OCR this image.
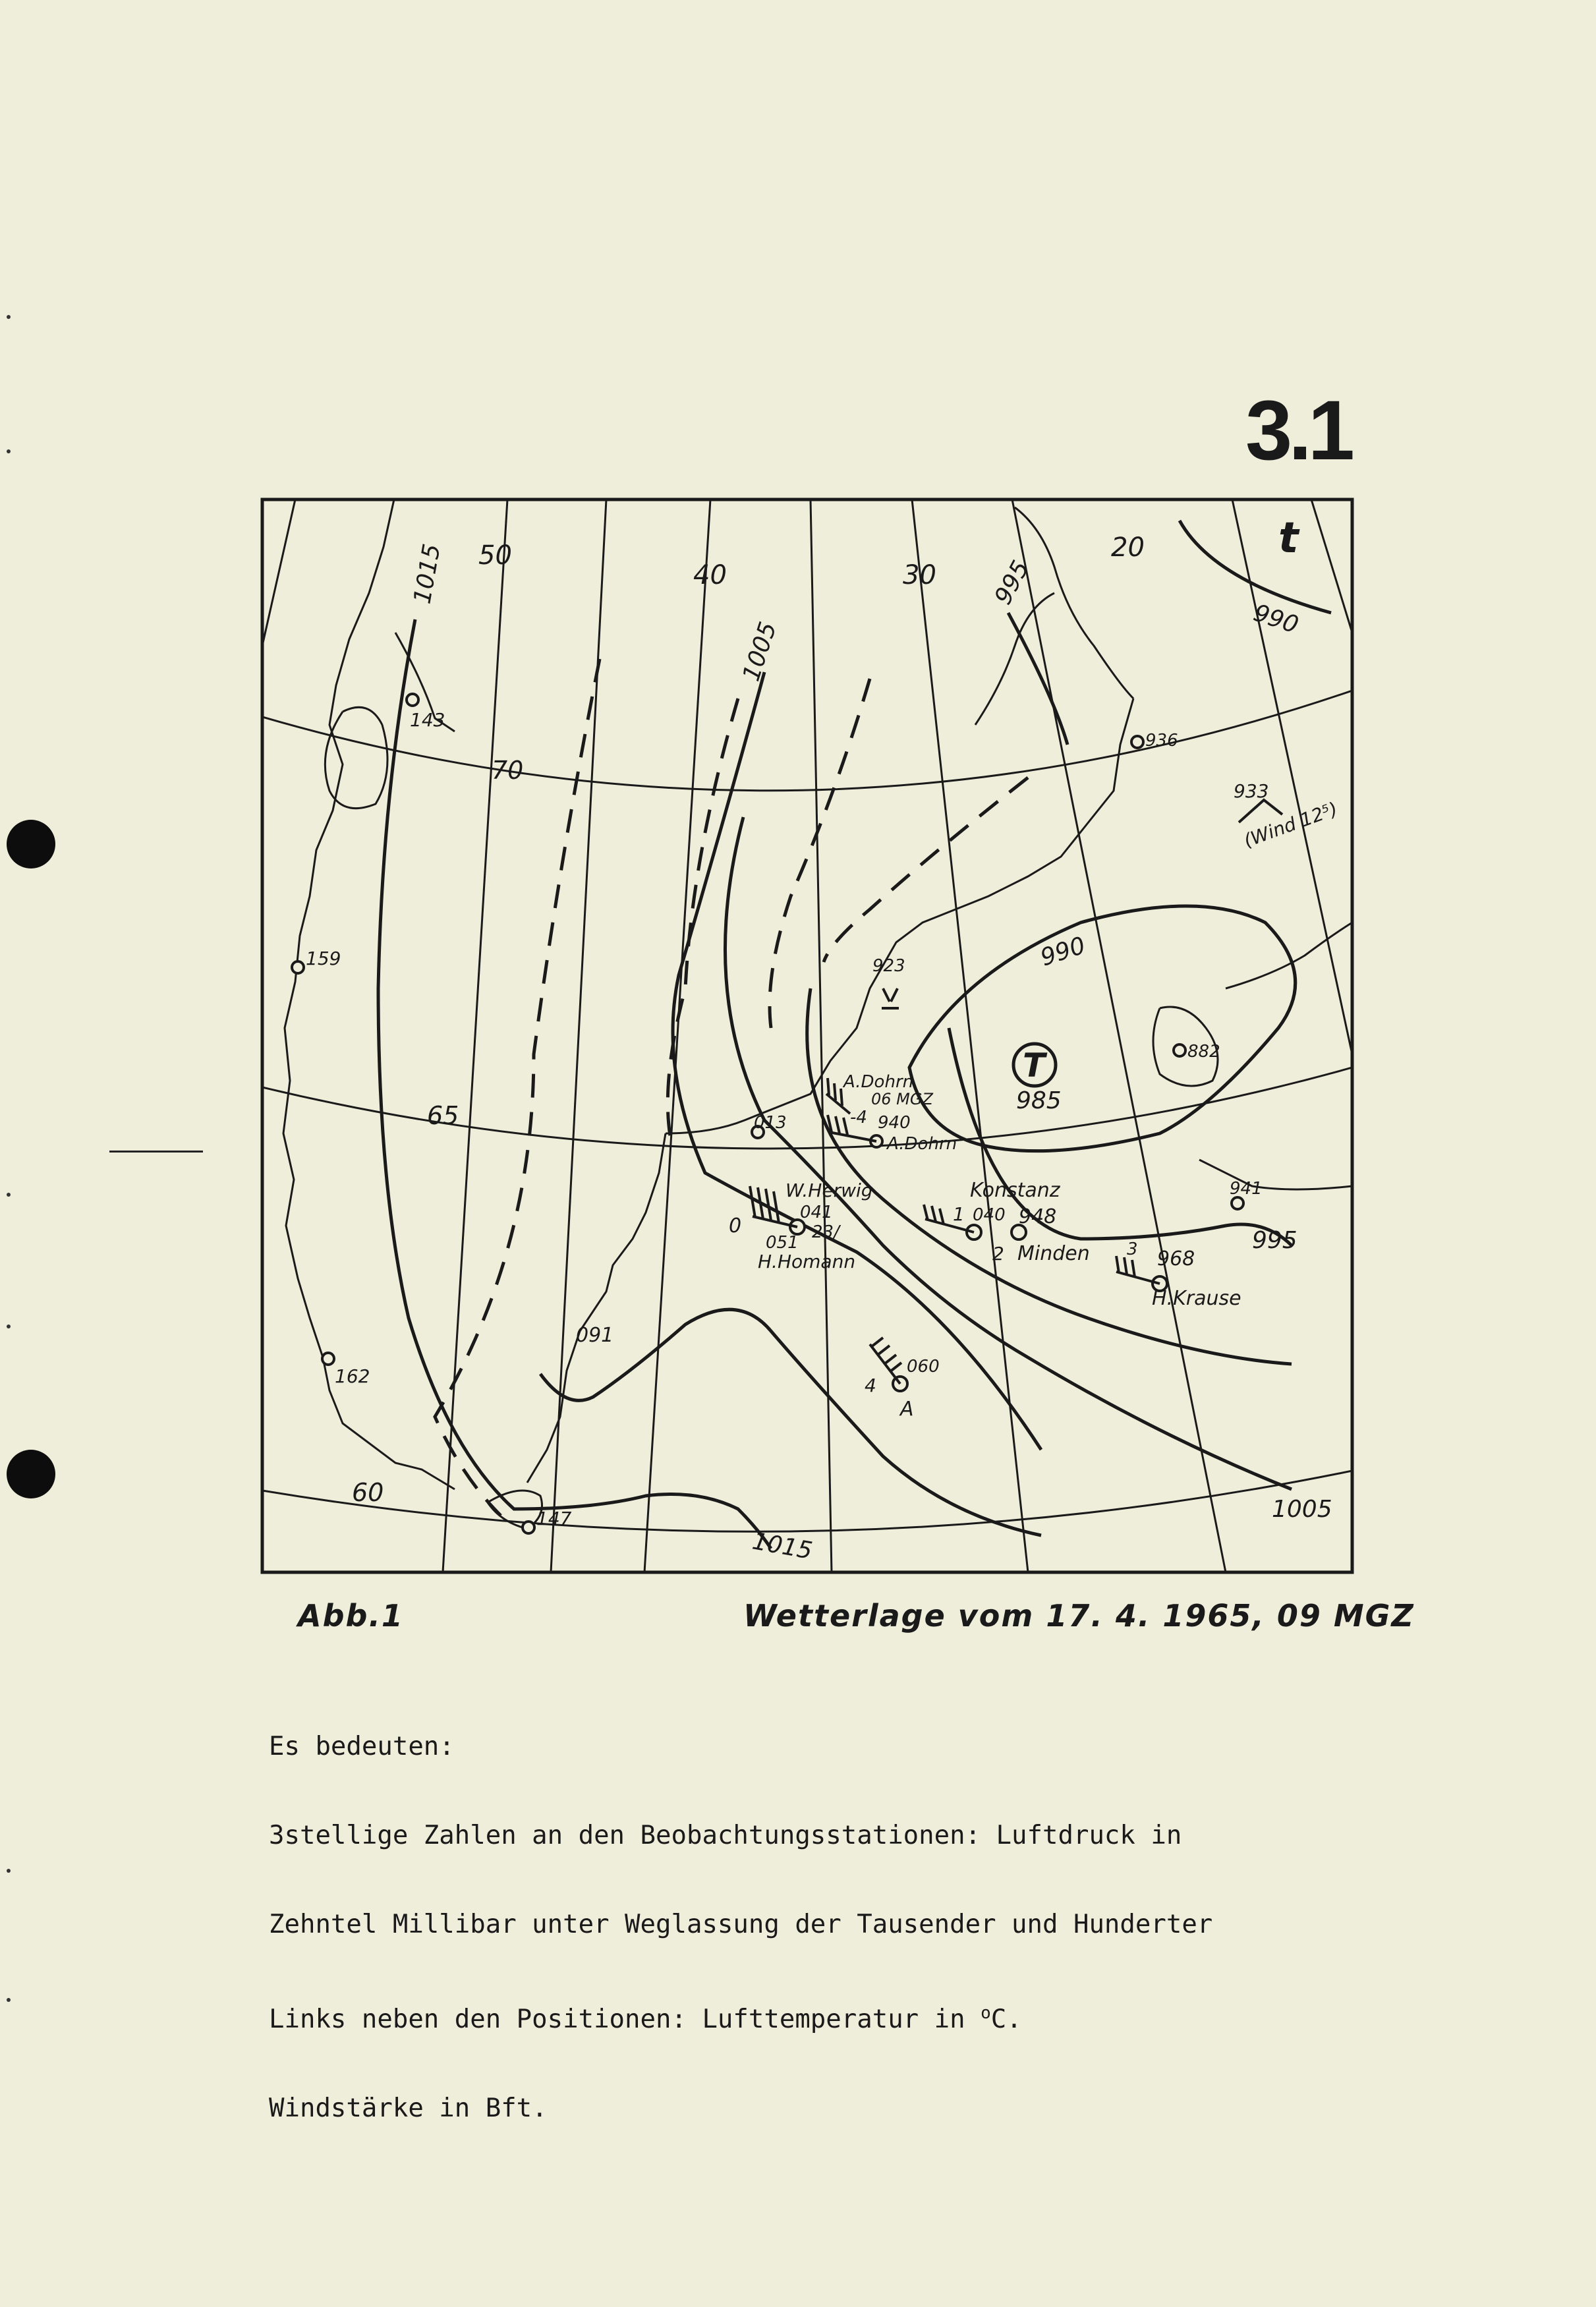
3.1
t
50
40	30
20
70
65
60
1015
1005
995
990
990
995
1005
1015
091
T
985
143
159
162
147
936
933
(Wind 12⁵)
923
882
941
013
A.Dohrn
06 MGZ
-4 940
A.Dohrn
W.Herwig
041
0
051
23/
H.Homann
Konstanz
1 040 948
2 Minden 3 968
H.Krause
060
4
A
Abb.1	Wetterlage vom 17. 4. 1965, 09 MGZ

Es bedeuten:

3stellige Zahlen an den Beobachtungsstationen: Luftdruck in

Zehntel Millibar unter Weglassung der Tausender und Hunderter

Links neben den Positionen: Lufttemperatur in $^o$C.

Windstärke in Bft.
